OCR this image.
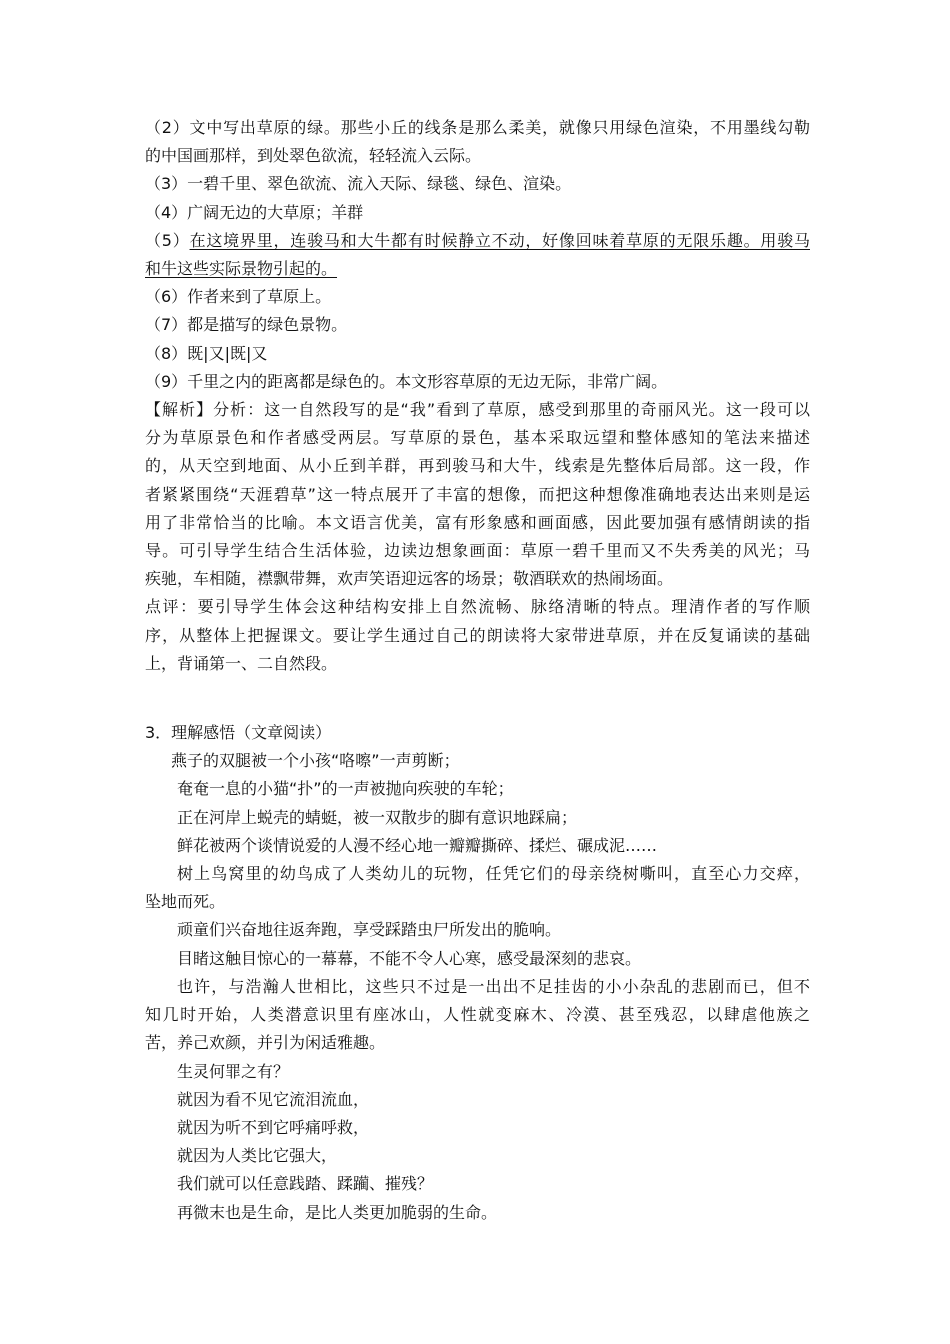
（2）文中写出草原的绿。那些小丘的线条是那么柔美，就像只用绿色渲染，不用墨线勾勒

的中国画那样，到处翠色欲流，轻轻流入云际。

（3）一碧千里、翠色欲流、流入天际、绿毯、绿色、渲染。

（4）广阔无边的大草原；羊群

（5）在这境界里，连骏马和大牛都有时候静立不动，好像回味着草原的无限乐趣。用骏马

和牛这些实际景物引起的。

（6）作者来到了草原上。

（7）都是描写的绿色景物。

（8）既|又|既|又

（9）千里之内的距离都是绿色的。本文形容草原的无边无际，非常广阔。

【解析】分析：这一自然段写的是“我”看到了草原，感受到那里的奇丽风光。这一段可以

分为草原景色和作者感受两层。写草原的景色，基本采取远望和整体感知的笔法来描述

的，从天空到地面、从小丘到羊群，再到骏马和大牛，线索是先整体后局部。这一段，作

者紧紧围绕“天涯碧草”这一特点展开了丰富的想像，而把这种想像准确地表达出来则是运

用了非常恰当的比喻。本文语言优美，富有形象感和画面感，因此要加强有感情朗读的指

导。可引导学生结合生活体验，边读边想象画面：草原一碧千里而又不失秀美的风光；马

疾驰，车相随，襟飘带舞，欢声笑语迎远客的场景；敬酒联欢的热闹场面。

点评：要引导学生体会这种结构安排上自然流畅、脉络清晰的特点。理清作者的写作顺

序，从整体上把握课文。要让学生通过自己的朗读将大家带进草原，并在反复诵读的基础

上，背诵第一、二自然段。

3．理解感悟（文章阅读）

燕子的双腿被一个小孩“咯嚓”一声剪断；

奄奄一息的小猫“扑”的一声被抛向疾驶的车轮；

正在河岸上蜕壳的蜻蜓，被一双散步的脚有意识地踩扁；

鲜花被两个谈情说爱的人漫不经心地一瓣瓣撕碎、揉烂、碾成泥……

树上鸟窝里的幼鸟成了人类幼儿的玩物，任凭它们的母亲绕树嘶叫，直至心力交瘁，

坠地而死。

顽童们兴奋地往返奔跑，享受踩踏虫尸所发出的脆响。

目睹这触目惊心的一幕幕，不能不令人心寒，感受最深刻的悲哀。

也许，与浩瀚人世相比，这些只不过是一出出不足挂齿的小小杂乱的悲剧而已，但不

知几时开始，人类潜意识里有座冰山，人性就变麻木、冷漠、甚至残忍，以肆虐他族之

苦，养己欢颜，并引为闲适雅趣。

生灵何罪之有？

就因为看不见它流泪流血，

就因为听不到它呼痛呼救，

就因为人类比它强大，

我们就可以任意践踏、蹂躏、摧残？

再微末也是生命，是比人类更加脆弱的生命。
